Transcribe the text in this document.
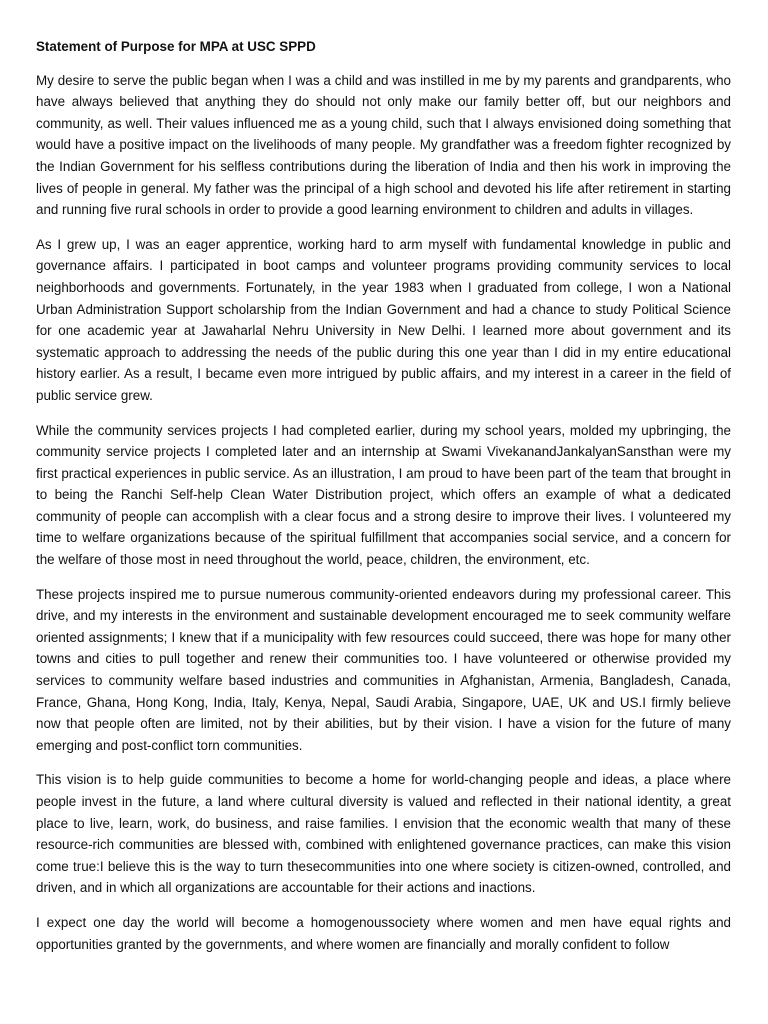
Statement of Purpose for MPA at USC SPPD

My desire to serve the public began when I was a child and was instilled in me by my parents and grandparents, who have always believed that anything they do should not only make our family better off, but our neighbors and community, as well. Their values influenced me as a young child, such that I always envisioned doing something that would have a positive impact on the livelihoods of many people. My grandfather was a freedom fighter recognized by the Indian Government for his selfless contributions during the liberation of India and then his work in improving the lives of people in general. My father was the principal of a high school and devoted his life after retirement in starting and running five rural schools in order to provide a good learning environment to children and adults in villages.

As I grew up, I was an eager apprentice, working hard to arm myself with fundamental knowledge in public and governance affairs. I participated in boot camps and volunteer programs providing community services to local neighborhoods and governments. Fortunately, in the year 1983 when I graduated from college, I won a National Urban Administration Support scholarship from the Indian Government and had a chance to study Political Science for one academic year at Jawaharlal Nehru University in New Delhi. I learned more about government and its systematic approach to addressing the needs of the public during this one year than I did in my entire educational history earlier. As a result, I became even more intrigued by public affairs, and my interest in a career in the field of public service grew.

While the community services projects I had completed earlier, during my school years, molded my upbringing, the community service projects I completed later and an internship at Swami VivekanandJankalyanSansthan were my first practical experiences in public service. As an illustration, I am proud to have been part of the team that brought in to being the Ranchi Self-help Clean Water Distribution project, which offers an example of what a dedicated community of people can accomplish with a clear focus and a strong desire to improve their lives. I volunteered my time to welfare organizations because of the spiritual fulfillment that accompanies social service, and a concern for the welfare of those most in need throughout the world, peace, children, the environment, etc.

These projects inspired me to pursue numerous community-oriented endeavors during my professional career. This drive, and my interests in the environment and sustainable development encouraged me to seek community welfare oriented assignments; I knew that if a municipality with few resources could succeed, there was hope for many other towns and cities to pull together and renew their communities too. I have volunteered or otherwise provided my services to community welfare based industries and communities in Afghanistan, Armenia, Bangladesh, Canada, France, Ghana, Hong Kong, India, Italy, Kenya, Nepal, Saudi Arabia, Singapore, UAE, UK and US.I firmly believe now that people often are limited, not by their abilities, but by their vision. I have a vision for the future of many emerging and post-conflict torn communities.

This vision is to help guide communities to become a home for world-changing people and ideas, a place where people invest in the future, a land where cultural diversity is valued and reflected in their national identity, a great place to live, learn, work, do business, and raise families. I envision that the economic wealth that many of these resource-rich communities are blessed with, combined with enlightened governance practices, can make this vision come true:I believe this is the way to turn thesecommunities into one where society is citizen-owned, controlled, and driven, and in which all organizations are accountable for their actions and inactions.

I expect one day the world will become a homogenoussociety where women and men have equal rights and opportunities granted by the governments, and where women are financially and morally confident to follow
